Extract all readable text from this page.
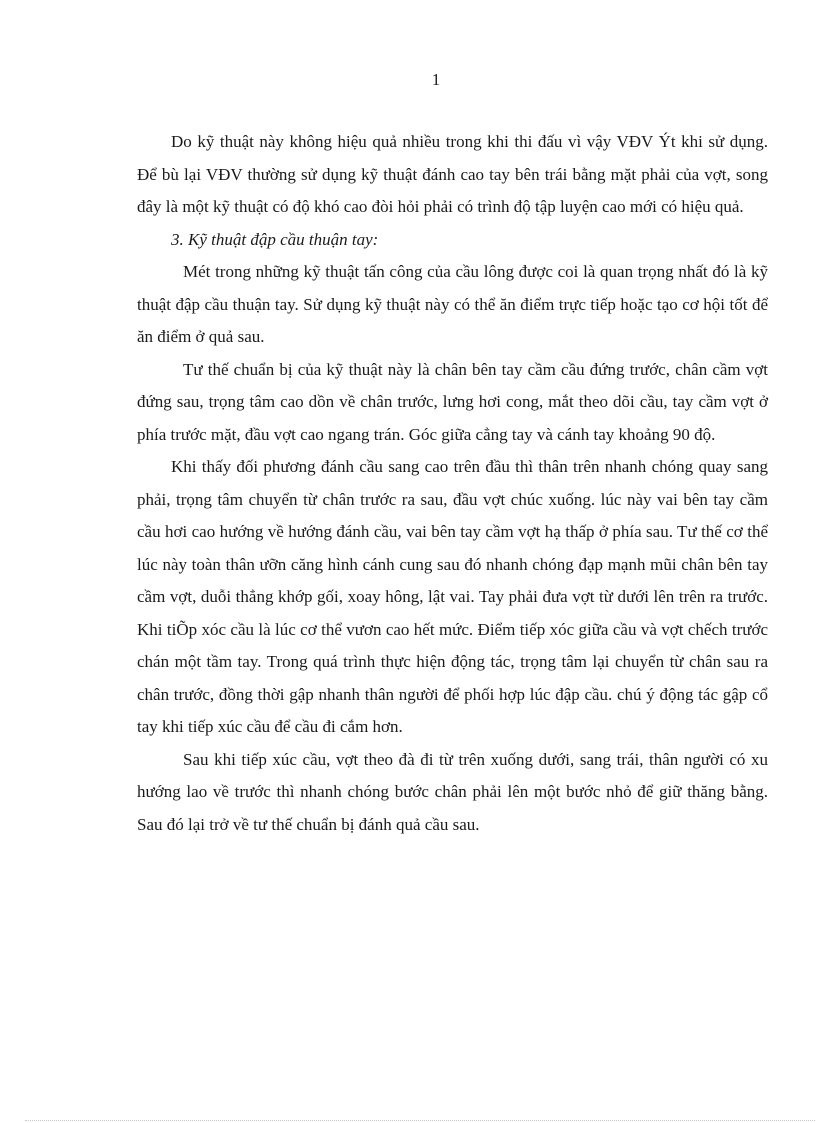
1

Do kỹ thuật này không hiệu quả nhiều trong khi thi đấu vì vậy VĐV Ýt khi sử dụng. Để bù lại VĐV thường sử dụng kỹ thuật đánh cao tay bên trái bằng mặt phải của vợt, song đây là một kỹ thuật có độ khó cao đòi hỏi phải có trình độ tập luyện cao mới có hiệu quả.

3. Kỹ thuật đập cầu thuận tay:

Mét trong những kỹ thuật tấn công của cầu lông được coi là quan trọng nhất đó là kỹ thuật đập cầu thuận tay. Sử dụng kỹ thuật này có thể ăn điểm trực tiếp hoặc tạo cơ hội tốt để ăn điểm ở quả sau.

Tư thế chuẩn bị của kỹ thuật này là chân bên tay cầm cầu đứng trước, chân cầm vợt đứng sau, trọng tâm cao dồn về chân trước, lưng hơi cong, mắt theo dõi cầu, tay cầm vợt ở phía trước mặt, đầu vợt cao ngang trán. Góc giữa cẳng tay và cánh tay khoảng 90 độ.

Khi thấy đối phương đánh cầu sang cao trên đầu thì thân trên nhanh chóng quay sang phải, trọng tâm chuyển từ chân trước ra sau, đầu vợt chúc xuống. lúc này vai bên tay cầm cầu hơi cao hướng về hướng đánh cầu, vai bên tay cầm vợt hạ thấp ở phía sau. Tư thế cơ thể lúc này toàn thân ưỡn căng hình cánh cung sau đó nhanh chóng đạp mạnh mũi chân bên tay cầm vợt, duỗi thẳng khớp gối, xoay hông, lật vai. Tay phải đưa vợt từ dưới lên trên ra trước. Khi tiÕp xóc cầu là lúc cơ thể vươn cao hết mức. Điểm tiếp xóc giữa cầu và vợt chếch trước chán một tầm tay. Trong quá trình thực hiện động tác, trọng tâm lại chuyển từ chân sau ra chân trước, đồng thời gập nhanh thân người để phối hợp lúc đập cầu. chú ý động tác gập cổ tay khi tiếp xúc cầu để cầu đi cắm hơn.

Sau khi tiếp xúc cầu, vợt theo đà đi từ trên xuống dưới, sang trái, thân người có xu hướng lao về trước thì nhanh chóng bước chân phải lên một bước nhỏ để giữ thăng bằng. Sau đó lại trở về tư thế chuẩn bị đánh quả cầu sau.
